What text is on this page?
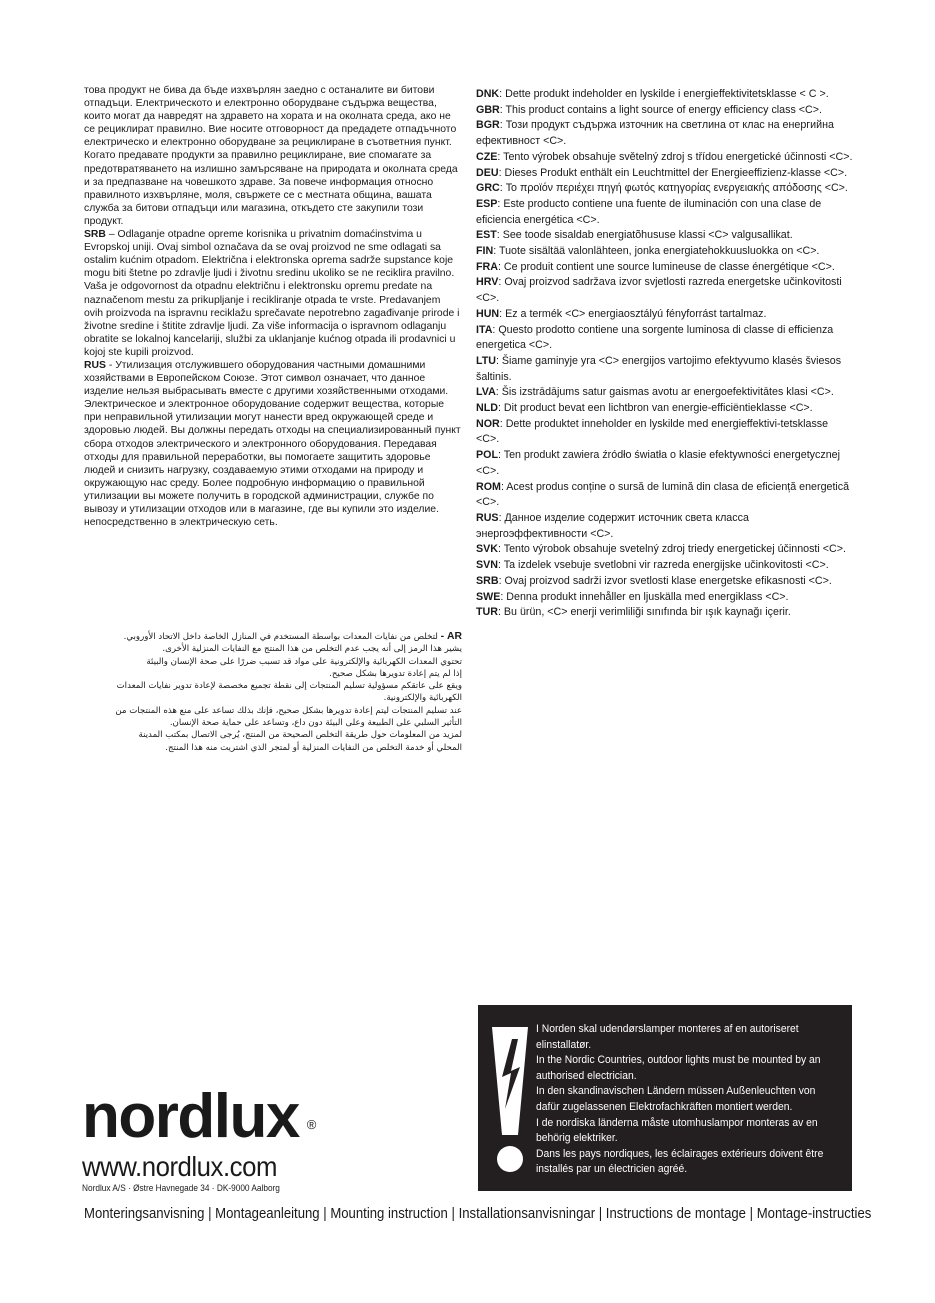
това продукт не бива да бъде изхвърлян заедно с останалите ви битови отпадъци. Електрическото и електронно оборудване съдържа вещества, които могат да навредят на здравето на хората и на околната среда, ако не се рециклират правилно. Вие носите отговорност да предадете отпадъчното електрическо и електронно оборудване за рециклиране в съответния пункт. Когато предавате продукти за правилно рециклиране, вие спомагате за предотвратяването на излишно замърсяване на природата и околната среда и за предпазване на човешкото здраве. За повече информация относно правилното изхвърляне, моля, свържете се с местната община, вашата служба за битови отпадъци или магазина, откъдето сте закупили този продукт.

SRB – Odlaganje otpadne opreme korisnika u privatnim domaćinstvima u Evropskoj uniji. Ovaj simbol označava da se ovaj proizvod ne sme odlagati sa ostalim kućnim otpadom. Električna i elektronska oprema sadrže supstance koje mogu biti štetne po zdravlje ljudi i životnu sredinu ukoliko se ne reciklira pravilno. Vaša je odgovornost da otpadnu električnu i elektronsku opremu predate na naznačenom mestu za prikupljanje i reciklirаnje otpada te vrste. Predavanjem ovih proizvoda na ispravnu reciklažu sprečavate nepotrebno zagađivanje prirode i životne sredine i štitite zdravlje ljudi. Za više informacija o ispravnom odlaganju obratite se lokalnoj kancelariji, službi za uklanjanje kućnog otpada ili prodavnici u kojoj ste kupili proizvod.

RUS - Утилизация отслужившего оборудования частными домашними хозяйствами в Европейском Союзе. Этот символ означает, что данное изделие нельзя выбрасывать вместе с другими хозяйственными отходами. Электрическое и электронное оборудование содержит вещества, которые при неправильной утилизации могут нанести вред окружающей среде и здоровью людей. Вы должны передать отходы на специализированный пункт сбора отходов электрического и электронного оборудования. Передавая отходы для правильной переработки, вы помогаете защитить здоровье людей и снизить нагрузку, создаваемую этими отходами на природу и окружающую нас среду. Более подробную информацию о правильной утилизации вы можете получить в городской администрации, службе по вывозу и утилизации отходов или в магазине, где вы купили это изделие. непосредственно в электрическую сеть.

AR - لتخلص من نفايات المعدات بواسطة المستخدم في المنازل الخاصة داخل الاتحاد الأوروبي.

يشير هذا الرمز إلى أنه يجب عدم التخلص من هذا المنتج مع النفايات المنزلية الأخرى.

تحتوي المعدات الكهربائية والإلكترونية على مواد قد تسبب ضررًا على صحة الإنسان والبيئة

إذا لم يتم إعادة تدويرها بشكل صحيح.

ويقع على عاتقكم مسؤولية تسليم المنتجات إلى نقطة تجميع مخصصة لإعادة تدوير نفايات المعدات

الكهربائية والإلكترونية.

عند تسليم المنتجات ليتم إعادة تدويرها بشكل صحيح، فإنك بذلك تساعد على منع هذه المنتجات من

التأثير السلبي على الطبيعة وعلى البيئة دون داع، وتساعد على حماية صحة الإنسان.

لمزيد من المعلومات حول طريقة التخلص الصحيحة من المنتج، يُرجى الاتصال بمكتب المدينة

المحلي أو خدمة التخلص من النفايات المنزلية أو لمتجر الذي اشتريت منه هذا المنتج.

DNK: Dette produkt indeholder en lyskilde i energieffektivitetsklasse < C >.

GBR: This product contains a light source of energy efficiency class <C>.

BGR: Този продукт съдържа източник на светлина от клас на енергийна ефективност <C>.

CZE: Tento výrobek obsahuje světelný zdroj s třídou energetické účinnosti <C>.

DEU: Dieses Produkt enthält ein Leuchtmittel der Energieeffizienz-klasse <C>.

GRC: Το προϊόν περιέχει πηγή φωτός κατηγορίας ενεργειακής απόδοσης <C>.

ESP: Este producto contiene una fuente de iluminación con una clase de eficiencia energética <C>.

EST: See toode sisaldab energiatõhususe klassi <C> valgusallikat.

FIN: Tuote sisältää valonlähteen, jonka energiatehokkuusluokka on <C>.

FRA: Ce produit contient une source lumineuse de classe énergétique <C>.

HRV: Ovaj proizvod sadržava izvor svjetlosti razreda energetske učinkovitosti <C>.

HUN: Ez a termék <C> energiaosztályú fényforrást tartalmaz.

ITA: Questo prodotto contiene una sorgente luminosa di classe di efficienza energetica <C>.

LTU: Šiame gaminyje yra <C> energijos vartojimo efektyvumo klasės šviesos šaltinis.

LVA: Šis izstrādājums satur gaismas avotu ar energoefektivitātes klasi <C>.

NLD: Dit product bevat een lichtbron van energie-efficiëntieklasse <C>.

NOR: Dette produktet inneholder en lyskilde med energieffektivi-tetsklasse <C>.

POL: Ten produkt zawiera źródło światła o klasie efektywności energetycznej <C>.

ROM: Acest produs conține o sursă de lumină din clasa de eficiență energetică <C>.

RUS: Данное изделие содержит источник света класса энергоэффективности <C>.

SVK: Tento výrobok obsahuje svetelný zdroj triedy energetickej účinnosti <C>.

SVN: Ta izdelek vsebuje svetlobni vir razreda energijske učinkovitosti <C>.

SRB: Ovaj proizvod sadrži izvor svetlosti klase energetske efikasnosti <C>.

SWE: Denna produkt innehåller en ljuskälla med energiklass <C>.

TUR: Bu ürün, <C> enerji verimliliği sınıfında bir ışık kaynağı içerir.

nordlux ®
www.nordlux.com
Nordlux A/S · Østre Havnegade 34 · DK-9000 Aalborg

I Norden skal udendørslamper monteres af en autoriseret elinstallatør.

In the Nordic Countries, outdoor lights must be mounted by an authorised electrician.

In den skandinavischen Ländern müssen Außenleuchten von dafür zugelassenen Elektrofachkräften montiert werden.

I de nordiska länderna måste utomhuslampor monteras av en behörig elektriker.

Dans les pays nordiques, les éclairages extérieurs doivent être installés par un électricien agréé.

Monteringsanvisning | Montageanleitung | Mounting instruction | Installationsanvisningar | Instructions de montage | Montage-instructies
